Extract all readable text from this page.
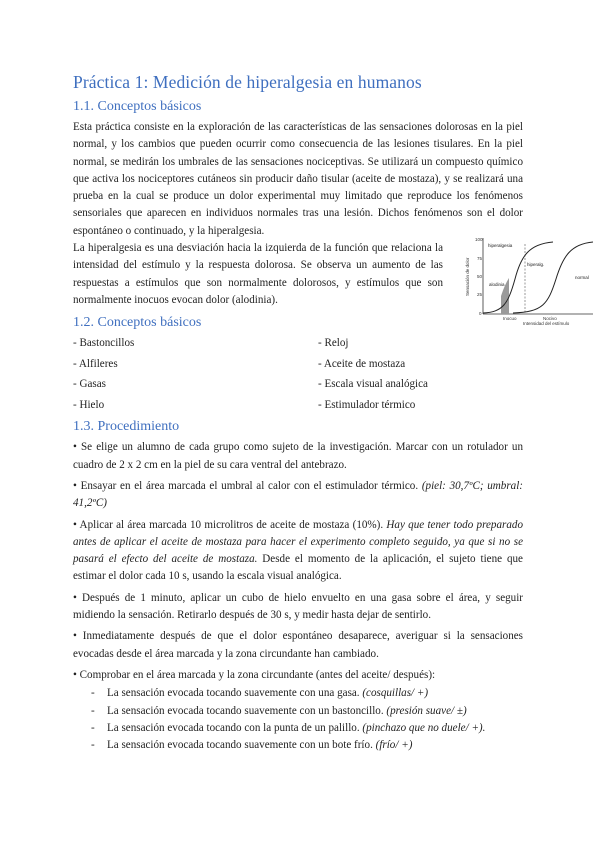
Práctica 1: Medición de hiperalgesia en humanos
1.1. Conceptos básicos

Esta práctica consiste en la exploración de las características de las sensaciones dolorosas en la piel normal, y los cambios que pueden ocurrir como consecuencia de las lesiones tisulares. En la piel normal, se medirán los umbrales de las sensaciones nociceptivas. Se utilizará un compuesto químico que activa los nociceptores cutáneos sin producir daño tisular (aceite de mostaza), y se realizará una prueba en la cual se produce un dolor experimental muy limitado que reproduce los fenómenos sensoriales que aparecen en individuos normales tras una lesión. Dichos fenómenos son el dolor espontáneo o continuado, y la hiperalgesia.

La hiperalgesia es una desviación hacia la izquierda de la función que relaciona la intensidad del estímulo y la respuesta dolorosa. Se observa un aumento de las respuestas a estímulos que son normalmente dolorosos, y estímulos que son normalmente inocuos evocan dolor (alodinia).

100
75
50
25
0
Sensación de dolor
hiperalgesia
normal
alodinia
hiperalg.
Inocuo	Nocivo
Intensidad del estímulo
1.2. Conceptos básicos
- Bastoncillos	- Reloj
- Alfileres	- Aceite de mostaza
- Gasas	- Escala visual analógica
- Hielo	- Estimulador térmico
1.3. Procedimiento

• Se elige un alumno de cada grupo como sujeto de la investigación. Marcar con un rotulador un cuadro de 2 x 2 cm en la piel de su cara ventral del antebrazo.

• Ensayar en el área marcada el umbral al calor con el estimulador térmico. (piel: 30,7ºC; umbral: 41,2ºC)

• Aplicar al área marcada 10 microlitros de aceite de mostaza (10%). Hay que tener todo preparado antes de aplicar el aceite de mostaza para hacer el experimento completo seguido, ya que si no se pasará el efecto del aceite de mostaza. Desde el momento de la aplicación, el sujeto tiene que estimar el dolor cada 10 s, usando la escala visual analógica.

• Después de 1 minuto, aplicar un cubo de hielo envuelto en una gasa sobre el área, y seguir midiendo la sensación. Retirarlo después de 30 s, y medir hasta dejar de sentirlo.

• Inmediatamente después de que el dolor espontáneo desaparece, averiguar si la sensaciones evocadas desde el área marcada y la zona circundante han cambiado.

• Comprobar en el área marcada y la zona circundante (antes del aceite/ después):

- La sensación evocada tocando suavemente con una gasa. (cosquillas/ +)
- La sensación evocada tocando suavemente con un bastoncillo. (presión suave/ ±)
- La sensación evocada tocando con la punta de un palillo. (pinchazo que no duele/ +).
- La sensación evocada tocando suavemente con un bote frío. (frío/ +)
